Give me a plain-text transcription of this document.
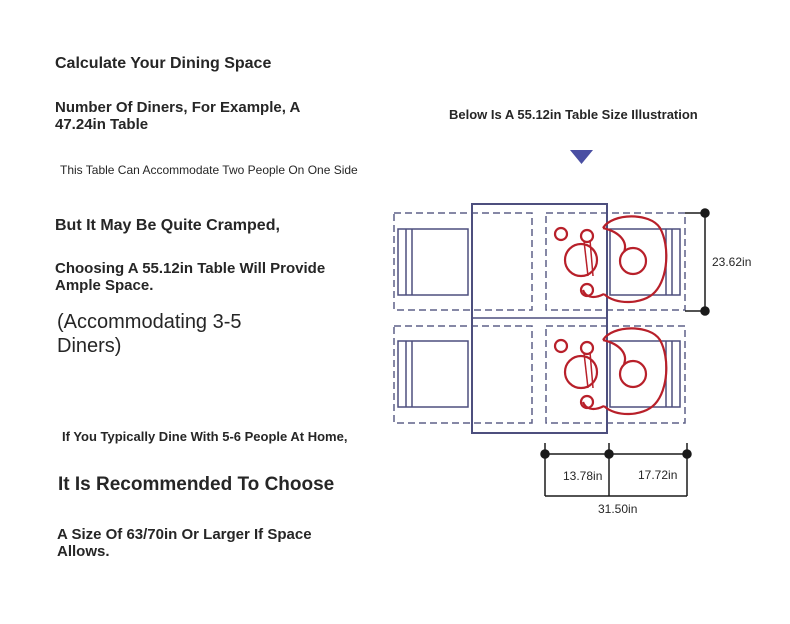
Calculate Your Dining Space

Number Of Diners, For Example, A 47.24in Table

This Table Can Accommodate Two People On One Side

But It May Be Quite Cramped,

Choosing A 55.12in Table Will Provide Ample Space.

(Accommodating 3-5 Diners)

If You Typically Dine With 5-6 People At Home,

It Is Recommended To Choose

A Size Of 63/70in Or Larger If Space Allows.

Below Is A 55.12in Table Size Illustration

23.62in
13.78in	17.72in
31.50in
